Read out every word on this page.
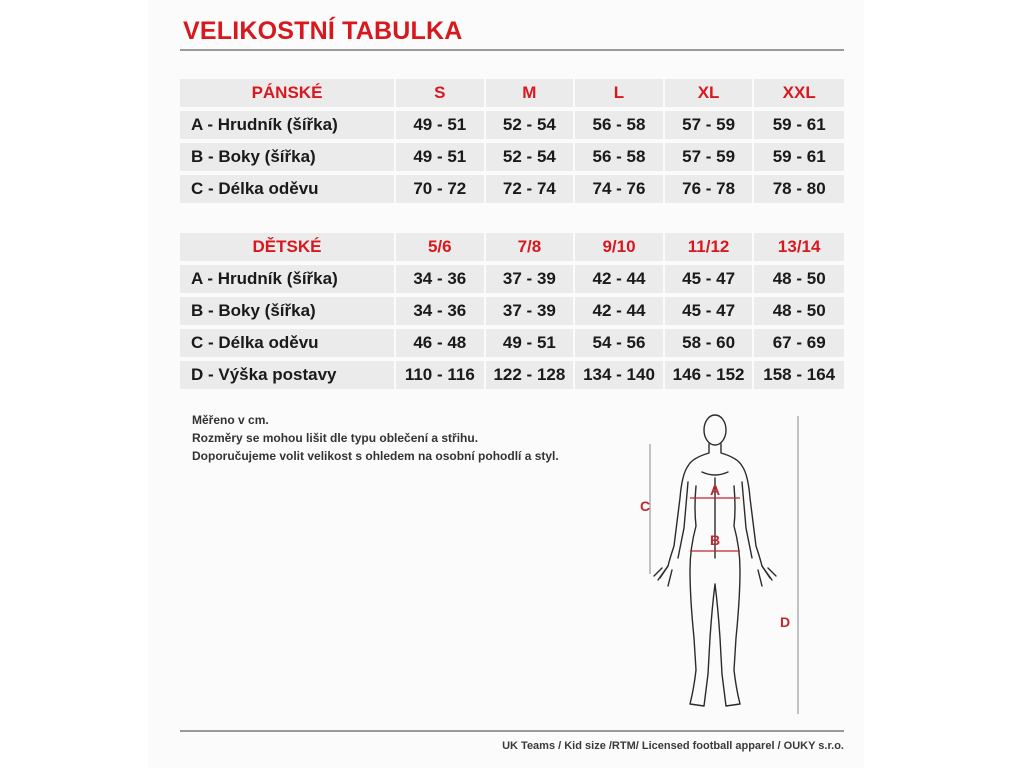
VELIKOSTNÍ TABULKA
PÁNSKÉ	S	M	L	XL	XXL
A - Hrudník (šířka)	49 - 51	52 - 54	56 - 58	57 - 59	59 - 61
B - Boky (šířka)	49 - 51	52 - 54	56 - 58	57 - 59	59 - 61
C - Délka oděvu	70 - 72	72 - 74	74 - 76	76 - 78	78 - 80
DĚTSKÉ	5/6	7/8	9/10	11/12	13/14
A - Hrudník (šířka)	34 - 36	37 - 39	42 - 44	45 - 47	48 - 50
B - Boky (šířka)	34 - 36	37 - 39	42 - 44	45 - 47	48 - 50
C - Délka oděvu	46 - 48	49 - 51	54 - 56	58 - 60	67 - 69
D - Výška postavy	110 - 116	122 - 128	134 - 140	146 - 152	158 - 164
Měřeno v cm.
Rozměry se mohou lišit dle typu oblečení a střihu.
Doporučujeme volit velikost s ohledem na osobní pohodlí a styl.
A
B
C
D
UK Teams / Kid size /RTM/ Licensed football apparel / OUKY s.r.o.
